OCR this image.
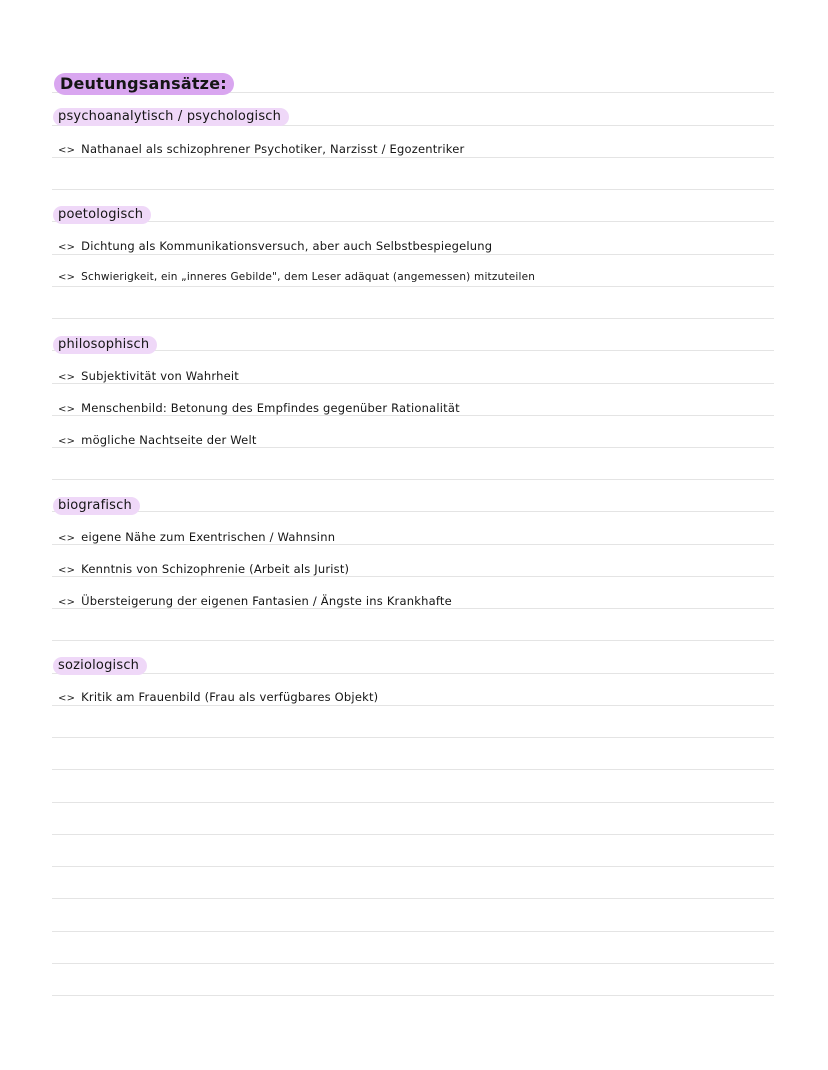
Deutungsansätze:
psychoanalytisch / psychologisch
<> Nathanael als schizophrener Psychotiker, Narzisst / Egozentriker
poetologisch
<> Dichtung als Kommunikationsversuch, aber auch Selbstbespiegelung
<> Schwierigkeit, ein „inneres Gebilde", dem Leser adäquat (angemessen) mitzuteilen
philosophisch
<> Subjektivität von Wahrheit
<> Menschenbild: Betonung des Empfindes gegenüber Rationalität
<> mögliche Nachtseite der Welt
biografisch
<> eigene Nähe zum Exentrischen / Wahnsinn
<> Kenntnis von Schizophrenie (Arbeit als Jurist)
<> Übersteigerung der eigenen Fantasien / Ängste ins Krankhafte
soziologisch
<> Kritik am Frauenbild (Frau als verfügbares Objekt)
